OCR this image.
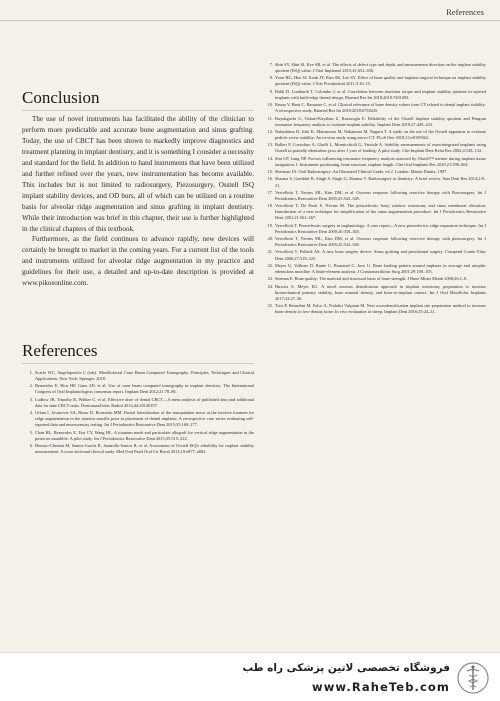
References
Conclusion

The use of novel instruments has facilitated the ability of the clinician to perform more predictable and accurate bone augmentation and sinus grafting. Today, the use of CBCT has been shown to markedly improve diagnostics and treatment planning in implant dentistry, and it is something I consider a necessity and standard for the field. In addition to hand instruments that have been utilized and further refined over the years, new instrumentation has become available. This includes but is not limited to radiosurgery, Piezosurgery, Osstell ISQ implant stability devices, and OD burs, all of which can be utilized on a routine basis for alveolar ridge augmentation and sinus grafting in implant dentistry. While their introduction was brief in this chapter, their use is further highlighted in the clinical chapters of this textbook.

Furthermore, as the field continues to advance rapidly, new devices will certainly be brought to market in the coming years. For a current list of the tools and instruments utilized for alveolar ridge augmentation in my practice and guidelines for their use, a detailed and up-to-date description is provided at www.pikosonline.com.

References
1. Scarfe WC, Angelopoulos C (eds). Maxillofacial Cone Beam Computed Tomography: Principles, Techniques and Clinical Applications. New York: Springer, 2018.
2. Benavides E, Rios HF, Ganz SD, et al. Use of cone beam computed tomography in implant dentistry: The International Congress of Oral Implantologists consensus report. Implant Dent 2012;21:78–86.
3. Ludlow JB, Timothy R, Walker C, et al. Effective dose of dental CBCT—A meta analysis of published data and additional data for nine CBCT units. Dentomaxillofac Radiol 2014;44:20140197.
4. Urban I, Jovanovic SA, Buser D, Bornstein MM. Partial lateralization of the nasopalatine nerve at the incisive foramen for ridge augmentation in the anterior maxilla prior to placement of dental implants: A retrospective case series evaluating self-reported data and neurosensory testing. Int J Periodontics Restorative Dent 2015;35:169–177.
5. Chan HL, Benavides E, Tsai CY, Wang HL. A titanium mesh and particulate allograft for vertical ridge augmentation in the posterior mandible: A pilot study. Int J Periodontics Restorative Dent 2015;35:515–522.
6. Herrero-Climent M, Santos-García R, Jaramillo-Santos R, et al. Assessment of Osstell ISQ's reliability for implant stability measurement: A cross-sectional clinical study. Med Oral Patol Oral Cir Bucal 2013;18:e877–e882.
7. Shin SY, Shin SI, Kye SB, et al. The effects of defect type and depth, and measurement direction on the implant stability quotient (ISQ) value. J Oral Implantol 2015;41:652–656.
8. Yoon HG, Heo SJ, Koak JY, Kim SK, Lee SY. Effect of bone quality and implant surgical technique on implant stability quotient (ISQ) value. J Adv Prosthodont 2011;3:10–15.
9. Baldi D, Lombardi T, Colombo J, et al. Correlation between insertion torque and implant stability quotient in tapered implants with knife-edge thread design. Biomed Res Int 2018;2018:7201093.
10. Bruno V, Berti C, Barausse C, et al. Clinical relevance of bone density values from CT related to dental implant stability: A retrospective study. Biomed Res Int 2018;2018:6758245.
11. Buyukguclu G, Ozkurt-Kayahan Z, Kazazoglu E. Reliability of the Osstell implant stability quotient and Penguin resonance frequency analysis to evaluate implant stability. Implant Dent 2018;27:429–433.
12. Nakashima D, Ishii K, Matsumoto M, Nakamura M, Nagura T. A study on the use of the Osstell apparatus to evaluate pedicle screw stability: An in-vitro study using micro-CT. PLoS One 2018;13:e0199362.
13. Balleri P, Cozzolino A, Ghelli L, Momicchioli G, Varriale A. Stability measurements of osseointegrated implants using Osstell in partially edentulous jaws after 1 year of loading: A pilot study. Clin Implant Dent Relat Res 2002;4:128–132.
14. Sim CP, Lang NP. Factors influencing resonance frequency analysis assessed by Osstell™ mentor during implant tissue integration: I. Instrument positioning, bone structure, implant length. Clin Oral Implants Res 2010;21:598–604.
15. Sherman JA. Oral Radiosurgery: An Illustrated Clinical Guide, ed 2. London: Martin Dunitz, 1997.
16. Sharma S, Gambhir R, Singh S, Singh G, Sharma V. Radiosurgery in dentistry: A brief review. Ann Dent Res 2014;2:8–21.
17. Vercellotti T, Nevins ML, Kim DM, et al. Osseous response following resective therapy with Piezosurgery. Int J Periodontics Restorative Dent 2005;25:543–549.
18. Vercellotti T, De Paoli S, Nevins M. The piezoelectric bony window osteotomy and sinus membrane elevation: Introduction of a new technique for simplification of the sinus augmentation procedure. Int J Periodontics Restorative Dent 2001;21:561–567.
19. Vercellotti T. Piezoelectric surgery in implantology: A case report—A new piezoelectric ridge expansion technique. Int J Periodontics Restorative Dent 2000;20:358–365.
20. Vercellotti T, Nevins ML, Kim DM, et al. Osseous response following resective therapy with piezosurgery. Int J Periodontics Restorative Dent 2005;25:543–549.
21. Vercellotti T, Pollack AS. A new bone surgery device: Sinus grafting and periodontal surgery. Compend Contin Educ Dent 2006;27:319–325.
22. Meyer U, Vollmer D, Runte C, Bourauel C, Joos U. Bone loading pattern around implants in average and atrophic edentulous maxillae: A finite-element analysis. J Craniomaxillofac Surg 2001;29:100–105.
23. Seeman E. Bone quality: The material and structural basis of bone strength. J Bone Miner Metab 2008;26:1–8.
24. Huwais S, Meyer EG. A novel osseous densification approach in implant osteotomy preparation to increase biomechanical primary stability, bone mineral density, and bone-to-implant contact. Int J Oral Maxillofac Implants 2017;32:27–36.
25. Trisi P, Berardini M, Falco A, Podaliri Vulpiani M. New osseodensification implant site preparation method to increase bone density in low-density bone: In vivo evaluation in sheep. Implant Dent 2016;25:24–31.
فروشگاه تخصصی لاتین پزشکی راه طب
www.RaheTeb.com
